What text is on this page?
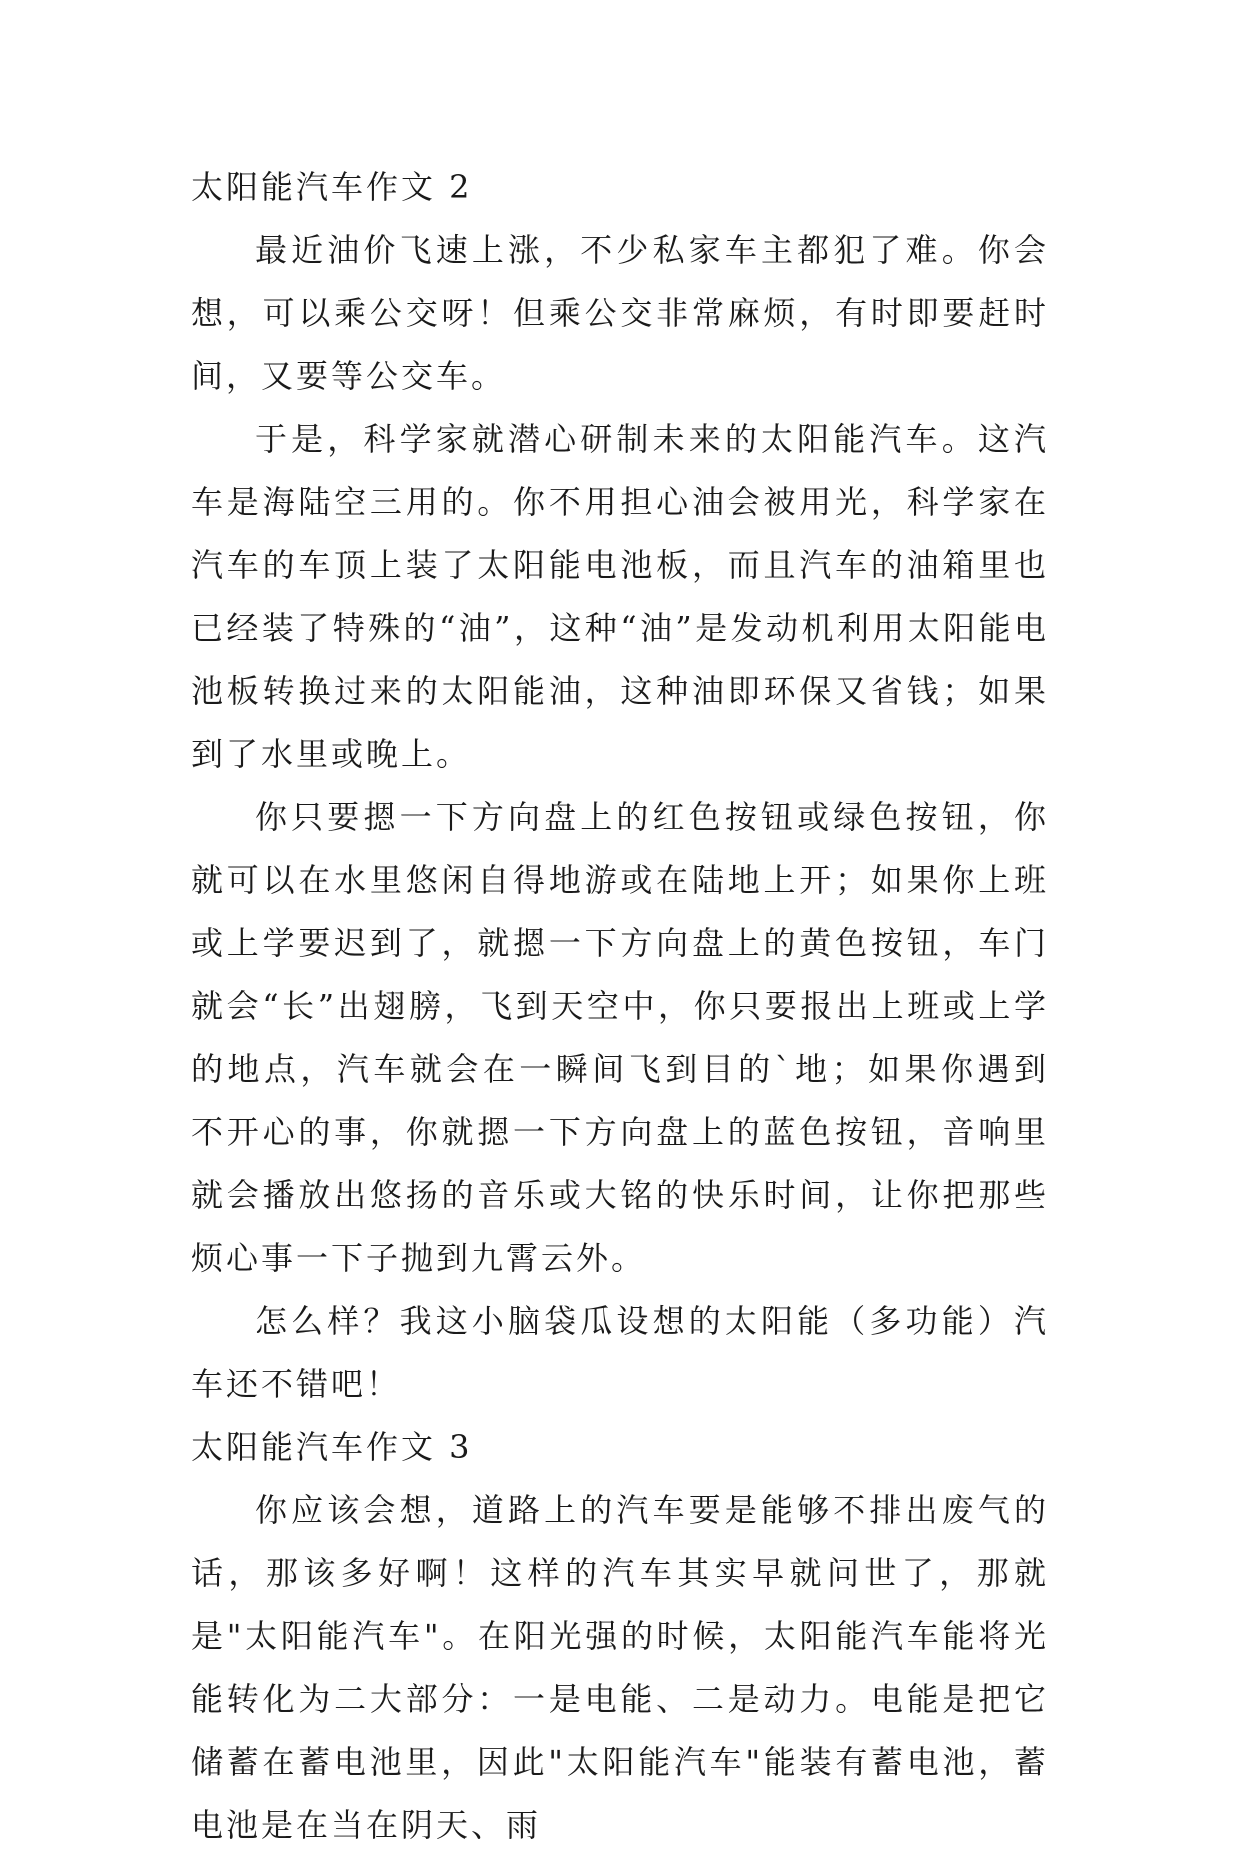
太阳能汽车作文 2

最近油价飞速上涨，不少私家车主都犯了难。你会想，可以乘公交呀！但乘公交非常麻烦，有时即要赶时间，又要等公交车。

于是，科学家就潜心研制未来的太阳能汽车。这汽车是海陆空三用的。你不用担心油会被用光，科学家在汽车的车顶上装了太阳能电池板，而且汽车的油箱里也已经装了特殊的“油”，这种“油”是发动机利用太阳能电池板转换过来的太阳能油，这种油即环保又省钱；如果到了水里或晚上。

你只要摁一下方向盘上的红色按钮或绿色按钮，你就可以在水里悠闲自得地游或在陆地上开；如果你上班或上学要迟到了，就摁一下方向盘上的黄色按钮，车门就会“长”出翅膀，飞到天空中，你只要报出上班或上学的地点，汽车就会在一瞬间飞到目的`地；如果你遇到不开心的事，你就摁一下方向盘上的蓝色按钮，音响里就会播放出悠扬的音乐或大铭的快乐时间，让你把那些烦心事一下子抛到九霄云外。

怎么样？我这小脑袋瓜设想的太阳能（多功能）汽车还不错吧！

太阳能汽车作文 3

你应该会想，道路上的汽车要是能够不排出废气的话，那该多好啊！这样的汽车其实早就问世了，那就是"太阳能汽车"。在阳光强的时候，太阳能汽车能将光能转化为二大部分：一是电能、二是动力。电能是把它储蓄在蓄电池里，因此"太阳能汽车"能装有蓄电池，蓄电池是在当在阴天、雨
